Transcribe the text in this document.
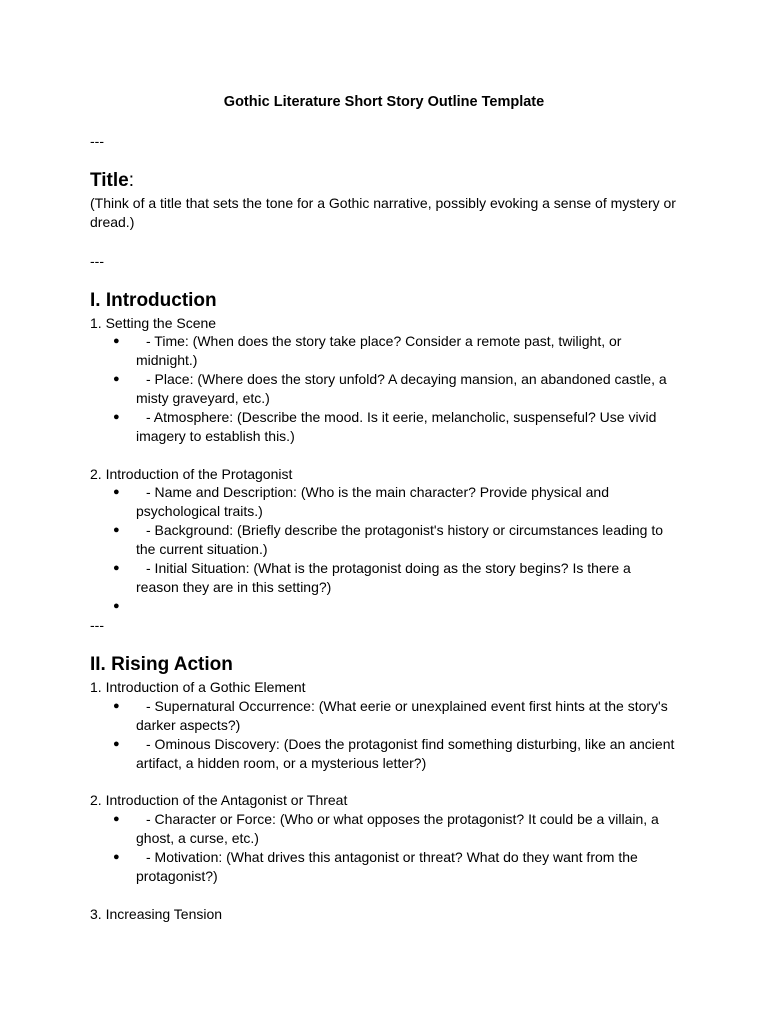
Gothic Literature Short Story Outline Template
---
Title:
(Think of a title that sets the tone for a Gothic narrative, possibly evoking a sense of mystery or dread.)
---
I. Introduction
1. Setting the Scene
● - Time: (When does the story take place? Consider a remote past, twilight, or midnight.)
● - Place: (Where does the story unfold? A decaying mansion, an abandoned castle, a misty graveyard, etc.)
● - Atmosphere: (Describe the mood. Is it eerie, melancholic, suspenseful? Use vivid imagery to establish this.)
2. Introduction of the Protagonist
● - Name and Description: (Who is the main character? Provide physical and psychological traits.)
● - Background: (Briefly describe the protagonist's history or circumstances leading to the current situation.)
● - Initial Situation: (What is the protagonist doing as the story begins? Is there a reason they are in this setting?)
●
---
II. Rising Action
1. Introduction of a Gothic Element
● - Supernatural Occurrence: (What eerie or unexplained event first hints at the story's darker aspects?)
● - Ominous Discovery: (Does the protagonist find something disturbing, like an ancient artifact, a hidden room, or a mysterious letter?)
2. Introduction of the Antagonist or Threat
● - Character or Force: (Who or what opposes the protagonist? It could be a villain, a ghost, a curse, etc.)
● - Motivation: (What drives this antagonist or threat? What do they want from the protagonist?)
3. Increasing Tension
